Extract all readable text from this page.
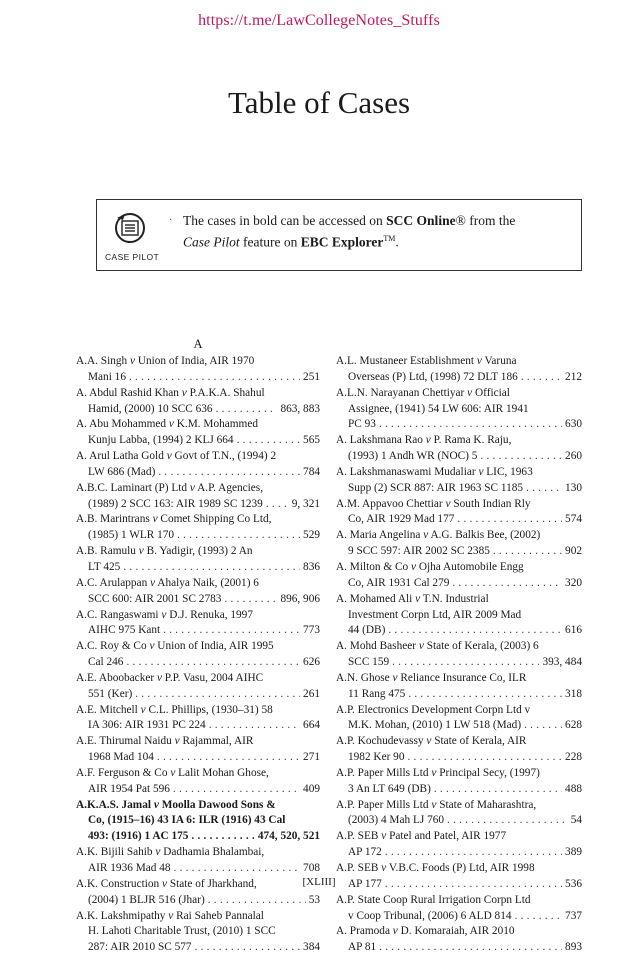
https://t.me/LawCollegeNotes_Stuffs
Table of Cases
CASE PILOT
· The cases in bold can be accessed on SCC Online® from the
Case Pilot feature on EBC Explorer™.
A
A.A. Singh v Union of India, AIR 1970
Mani 16 . . .	251
A. Abdul Rashid Khan v P.A.K.A. Shahul
Hamid, (2000) 10 SCC 636 . . .	863, 883
A. Abu Mohammed v K.M. Mohammed
Kunju Labba, (1994) 2 KLJ 664 . . .	565
A. Arul Latha Gold v Govt of T.N., (1994) 2
LW 686 (Mad) . . .	784
A.B.C. Laminart (P) Ltd v A.P. Agencies,
(1989) 2 SCC 163: AIR 1989 SC 1239 . . .	9, 321
A.B. Marintrans v Comet Shipping Co Ltd,
(1985) 1 WLR 170 . . .	529
A.B. Ramulu v B. Yadigir, (1993) 2 An
LT 425 . . .	836
A.C. Arulappan v Ahalya Naik, (2001) 6
SCC 600: AIR 2001 SC 2783 . . .	896, 906
A.C. Rangaswami v D.J. Renuka, 1997
AIHC 975 Kant . . .	773
A.C. Roy & Co v Union of India, AIR 1995
Cal 246 . . .	626
A.E. Aboobacker v P.P. Vasu, 2004 AIHC
551 (Ker) . . .	261
A.E. Mitchell v C.L. Phillips, (1930–31) 58
IA 306: AIR 1931 PC 224 . . .	664
A.E. Thirumal Naidu v Rajammal, AIR
1968 Mad 104 . . .	271
A.F. Ferguson & Co v Lalit Mohan Ghose,
AIR 1954 Pat 596 . . .	409
A.K.A.S. Jamal v Moolla Dawood Sons &
Co, (1915–16) 43 IA 6: ILR (1916) 43 Cal
493: (1916) 1 AC 175 . . .	474, 520, 521
A.K. Bijili Sahib v Dadhamia Bhalambai,
AIR 1936 Mad 48 . . .	708
A.K. Construction v State of Jharkhand,
(2004) 1 BLJR 516 (Jhar) . . .	53
A.K. Lakshmipathy v Rai Saheb Pannalal
H. Lahoti Charitable Trust, (2010) 1 SCC
287: AIR 2010 SC 577 . . .	384
A.L. Mustaneer Establishment v Varuna
Overseas (P) Ltd, (1998) 72 DLT 186 . . .	212
A.L.N. Narayanan Chettiyar v Official
Assignee, (1941) 54 LW 606: AIR 1941
PC 93 . . .	630
A. Lakshmana Rao v P. Rama K. Raju,
(1993) 1 Andh WR (NOC) 5 . . .	260
A. Lakshmanaswami Mudaliar v LIC, 1963
Supp (2) SCR 887: AIR 1963 SC 1185 . . .	130
A.M. Appavoo Chettiar v South Indian Rly
Co, AIR 1929 Mad 177 . . .	574
A. Maria Angelina v A.G. Balkis Bee, (2002)
9 SCC 597: AIR 2002 SC 2385 . . .	902
A. Milton & Co v Ojha Automobile Engg
Co, AIR 1931 Cal 279 . . .	320
A. Mohamed Ali v T.N. Industrial
Investment Corpn Ltd, AIR 2009 Mad
44 (DB) . . .	616
A. Mohd Basheer v State of Kerala, (2003) 6
SCC 159 . . .	393, 484
A.N. Ghose v Reliance Insurance Co, ILR
11 Rang 475 . . .	318
A.P. Electronics Development Corpn Ltd v
M.K. Mohan, (2010) 1 LW 518 (Mad) . . .	628
A.P. Kochudevassy v State of Kerala, AIR
1982 Ker 90 . . .	228
A.P. Paper Mills Ltd v Principal Secy, (1997)
3 An LT 649 (DB) . . .	488
A.P. Paper Mills Ltd v State of Maharashtra,
(2003) 4 Mah LJ 760 . . .	54
A.P. SEB v Patel and Patel, AIR 1977
AP 172 . . .	389
A.P. SEB v V.B.C. Foods (P) Ltd, AIR 1998
AP 177 . . .	536
A.P. State Coop Rural Irrigation Corpn Ltd
v Coop Tribunal, (2006) 6 ALD 814 . . .	737
A. Pramoda v D. Komaraiah, AIR 2010
AP 81 . . .	893
[XLIII]
